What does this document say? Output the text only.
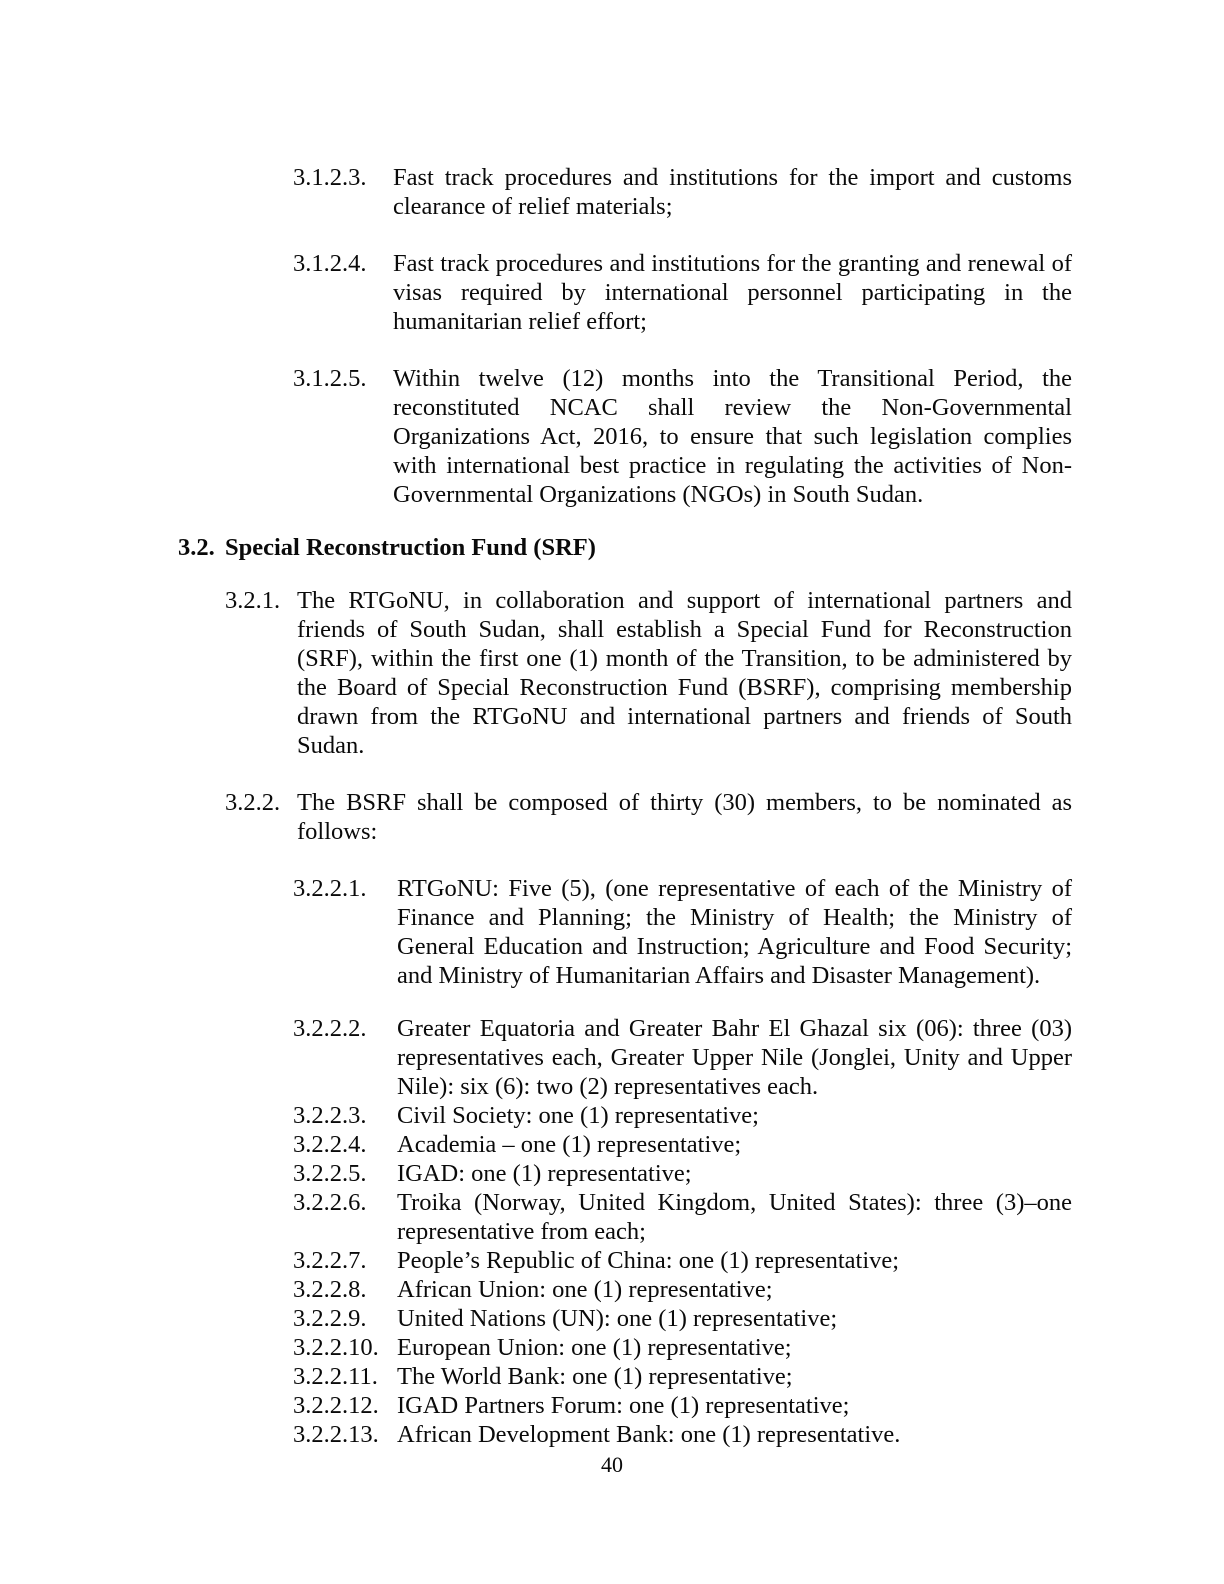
3.1.2.3.	Fast track procedures and institutions for the import and customs clearance of relief materials;
3.1.2.4.	Fast track procedures and institutions for the granting and renewal of visas required by international personnel participating in the humanitarian relief effort;
3.1.2.5.	Within twelve (12) months into the Transitional Period, the reconstituted NCAC shall review the Non-Governmental Organizations Act, 2016, to ensure that such legislation complies with international best practice in regulating the activities of Non-Governmental Organizations (NGOs) in South Sudan.
3.2. Special Reconstruction Fund (SRF)
3.2.1. The RTGoNU, in collaboration and support of international partners and friends of South Sudan, shall establish a Special Fund for Reconstruction (SRF), within the first one (1) month of the Transition, to be administered by the Board of Special Reconstruction Fund (BSRF), comprising membership drawn from the RTGoNU and international partners and friends of South Sudan.
3.2.2. The BSRF shall be composed of thirty (30) members, to be nominated as follows:
3.2.2.1.	RTGoNU: Five (5), (one representative of each of the Ministry of Finance and Planning; the Ministry of Health; the Ministry of General Education and Instruction; Agriculture and Food Security; and Ministry of Humanitarian Affairs and Disaster Management).
3.2.2.2.	Greater Equatoria and Greater Bahr El Ghazal six (06): three (03) representatives each, Greater Upper Nile (Jonglei, Unity and Upper Nile): six (6): two (2) representatives each.
3.2.2.3.	Civil Society: one (1) representative;
3.2.2.4.	Academia – one (1) representative;
3.2.2.5.	IGAD: one (1) representative;
3.2.2.6.	Troika (Norway, United Kingdom, United States): three (3)–one representative from each;
3.2.2.7.	People’s Republic of China: one (1) representative;
3.2.2.8.	African Union: one (1) representative;
3.2.2.9.	United Nations (UN): one (1) representative;
3.2.2.10. European Union: one (1) representative;
3.2.2.11. The World Bank: one (1) representative;
3.2.2.12. IGAD Partners Forum: one (1) representative;
3.2.2.13. African Development Bank: one (1) representative.
40
